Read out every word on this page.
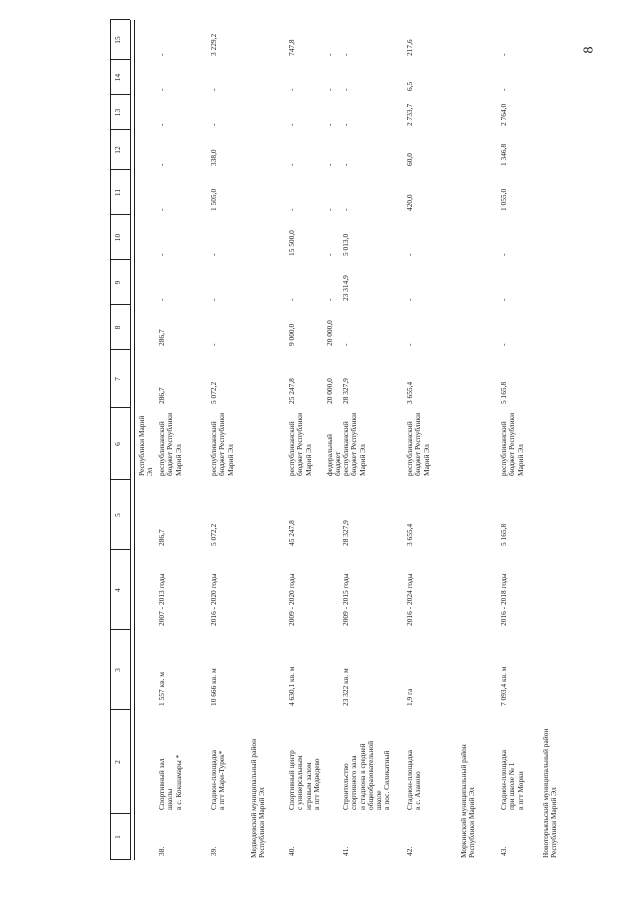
8
1
2
3
4
5
6
7
8
9
10
11
12
13
14
15
Республики Марий Эл
38.
Спортивный зал школы в с. Кокшамары *
1 557 кв. м
2007 - 2013 годы
286,7
республиканский бюджет Республики Марий Эл
286,7
286,7
-
-
-
-
-
-
-
39.
Стадион-площадка в пгт Мари-Турек*
10 666 кв. м
2016 - 2020 годы
5 072,2
республиканский бюджет Республики Марий Эл
5 072,2
-
-
-
1 505,0
338,0
-
-
3 229,2
Медведевский муниципальный район Республики Марий Эл	40.
Спортивный центр с универсальным игровым залом в пгт Медведево
4 630,1 кв. м
2009 - 2020 годы
45 247,8
республиканский бюджет Республики Марий Эл
25 247,8
9 000,0
-
15 500,0
-
-
-
-
747,8
федеральный бюджет
20 000,0
20 000,0
-
-
-
-
-
-
-
41.
Строительство спортивного зала и стадиона в средней общеобразовательной школе в пос. Силикатный
23 322 кв. м
2009 - 2015 годы
28 327,9
республиканский бюджет Республики Марий Эл
28 327,9
-
23 314,9
5 013,0
-
-
-
-
-
42.
Стадион-площадка в с. Азаново
1,9 га
2016 - 2024 годы
3 655,4
республиканский бюджет Республики Марий Эл
3 655,4
-
-
-
420,0
60,0
2 733,7
6,5
217,6
Моркинский муниципальный район Республики Марий Эл	43.
Стадион-площадка при школе № 1 в пгт Морки
7 093,4 кв. м
2016 - 2018 годы
5 165,8
республиканский бюджет Республики Марий Эл
5 165,8
-
-
-
1 055,0
1 346,8
2 764,0
-
-
Новоторъяльский муниципальный район Республики Марий Эл
